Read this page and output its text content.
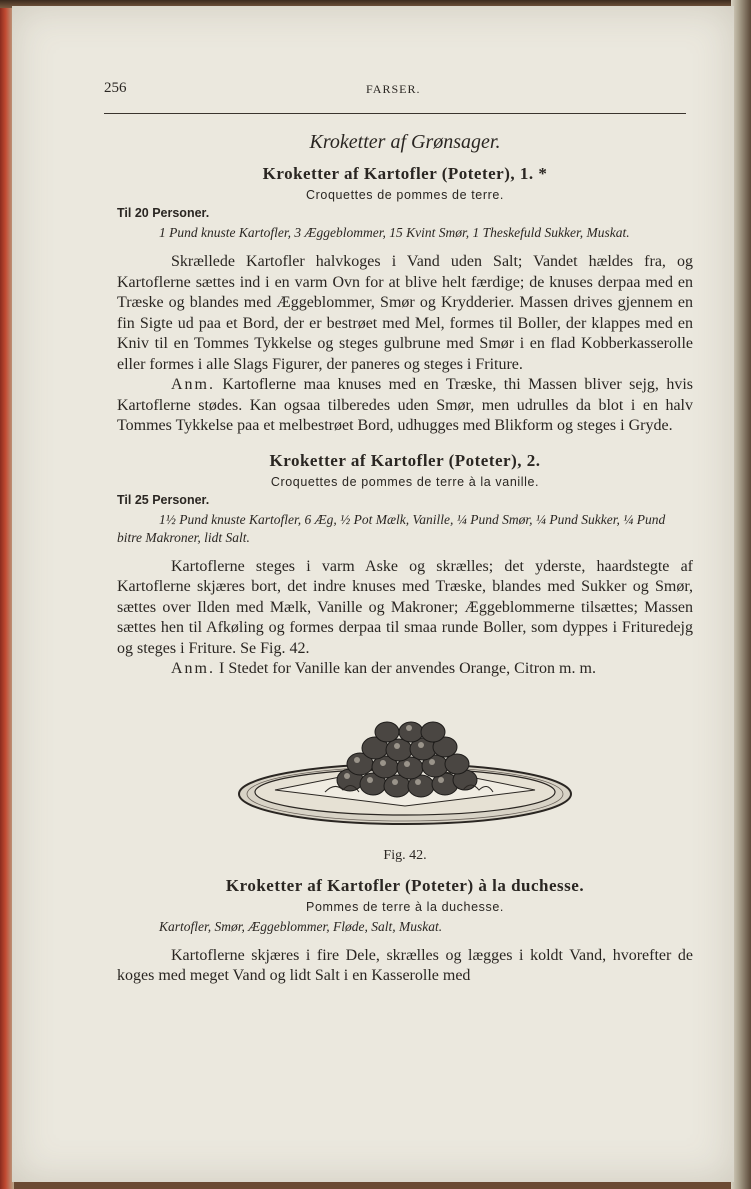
256	FARSER.
Kroketter af Grønsager.
Kroketter af Kartofler (Poteter), 1. *
Croquettes de pommes de terre.
Til 20 Personer.
1 Pund knuste Kartofler, 3 Æggeblommer, 15 Kvint Smør, 1 Theskefuld Sukker, Muskat.

Skrællede Kartofler halvkoges i Vand uden Salt; Vandet hældes fra, og Kartoflerne sættes ind i en varm Ovn for at blive helt færdige; de knuses derpaa med en Træske og blandes med Æggeblommer, Smør og Krydderier. Massen drives gjennem en fin Sigte ud paa et Bord, der er bestrøet med Mel, formes til Boller, der klappes med en Kniv til en Tommes Tykkelse og steges gulbrune med Smør i en flad Kobberkasserolle eller formes i alle Slags Figurer, der paneres og steges i Friture.

Anm. Kartoflerne maa knuses med en Træske, thi Massen bliver sejg, hvis Kartoflerne stødes. Kan ogsaa tilberedes uden Smør, men udrulles da blot i en halv Tommes Tykkelse paa et melbestrøet Bord, udhugges med Blikform og steges i Gryde.

Kroketter af Kartofler (Poteter), 2.
Croquettes de pommes de terre à la vanille.
Til 25 Personer.
1½ Pund knuste Kartofler, 6 Æg, ½ Pot Mælk, Vanille, ¼ Pund Smør, ¼ Pund Sukker, ¼ Pund bitre Makroner, lidt Salt.

Kartoflerne steges i varm Aske og skrælles; det yderste, haardstegte af Kartoflerne skjæres bort, det indre knuses med Træske, blandes med Sukker og Smør, sættes over Ilden med Mælk, Vanille og Makroner; Æggeblommerne tilsættes; Massen sættes hen til Afkøling og formes derpaa til smaa runde Boller, som dyppes i Frituredejg og steges i Friture. Se Fig. 42.

Anm. I Stedet for Vanille kan der anvendes Orange, Citron m. m.

Fig. 42.
Kroketter af Kartofler (Poteter) à la duchesse.
Pommes de terre à la duchesse.
Kartofler, Smør, Æggeblommer, Fløde, Salt, Muskat.

Kartoflerne skjæres i fire Dele, skrælles og lægges i koldt Vand, hvorefter de koges med meget Vand og lidt Salt i en Kasserolle med
